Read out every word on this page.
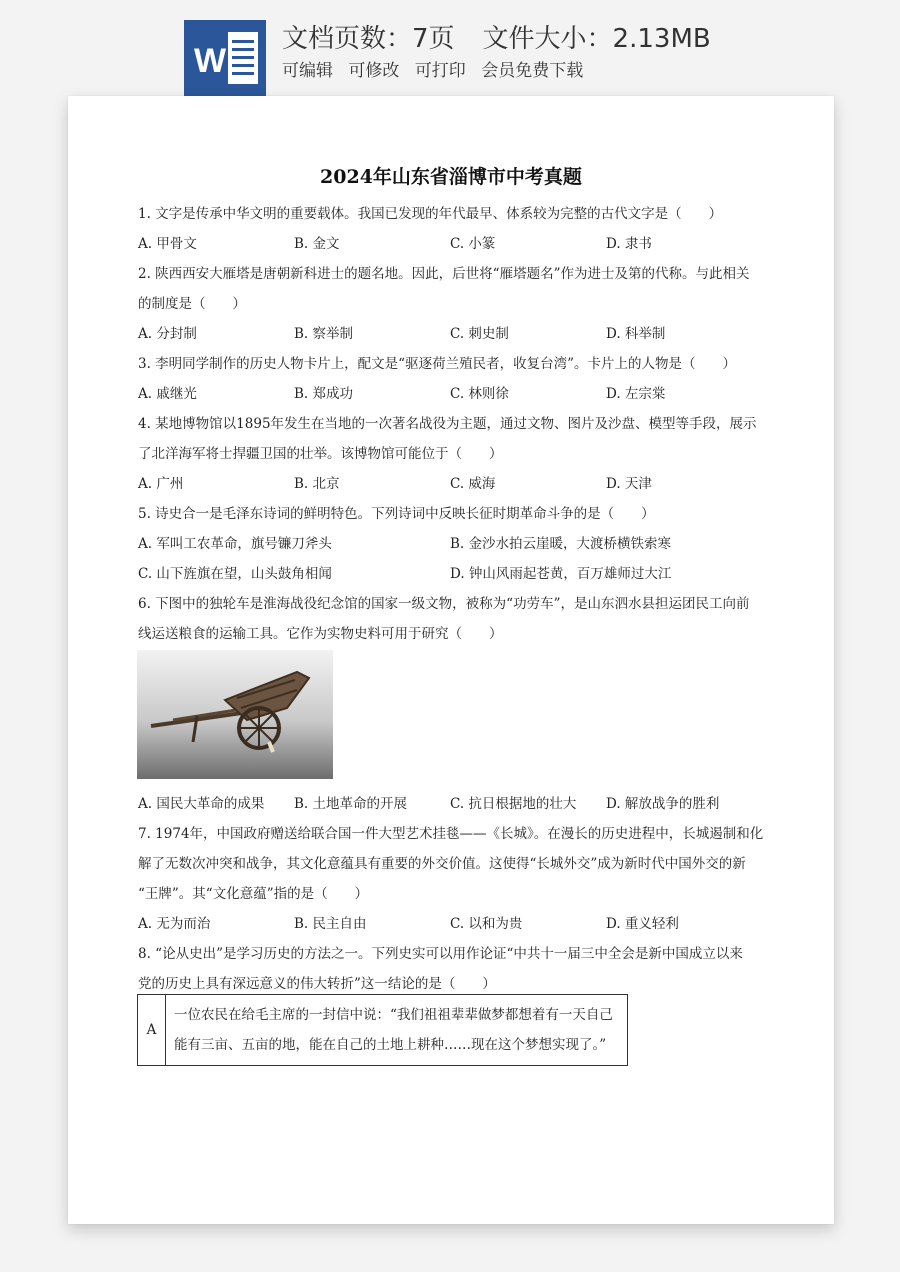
W
文档页数：7页 文件大小：2.13MB
可编辑 可修改 可打印 会员免费下载
2024年山东省淄博市中考真题
1. 文字是传承中华文明的重要载体。我国已发现的年代最早、体系较为完整的古代文字是（　　）
A. 甲骨文	B. 金文	C. 小篆	D. 隶书
2. 陕西西安大雁塔是唐朝新科进士的题名地。因此，后世将“雁塔题名”作为进士及第的代称。与此相关
的制度是（　　）
A. 分封制	B. 察举制	C. 刺史制	D. 科举制
3. 李明同学制作的历史人物卡片上，配文是“驱逐荷兰殖民者，收复台湾”。卡片上的人物是（　　）
A. 戚继光	B. 郑成功	C. 林则徐	D. 左宗棠
4. 某地博物馆以1895年发生在当地的一次著名战役为主题，通过文物、图片及沙盘、模型等手段，展示
了北洋海军将士捍疆卫国的壮举。该博物馆可能位于（　　）
A. 广州	B. 北京	C. 威海	D. 天津
5. 诗史合一是毛泽东诗词的鲜明特色。下列诗词中反映长征时期革命斗争的是（　　）
A. 军叫工农革命，旗号镰刀斧头	B. 金沙水拍云崖暖，大渡桥横铁索寒
C. 山下旌旗在望，山头鼓角相闻	D. 钟山风雨起苍黄，百万雄师过大江
6. 下图中的独轮车是淮海战役纪念馆的国家一级文物，被称为“功劳车”，是山东泗水县担运团民工向前
线运送粮食的运输工具。它作为实物史料可用于研究（　　）
A. 国民大革命的成果 B. 土地革命的开展	C. 抗日根据地的壮大 D. 解放战争的胜利
7. 1974年，中国政府赠送给联合国一件大型艺术挂毯——《长城》。在漫长的历史进程中，长城遏制和化
解了无数次冲突和战争，其文化意蕴具有重要的外交价值。这使得“长城外交”成为新时代中国外交的新
“王牌”。其“文化意蕴”指的是（　　）
A. 无为而治	B. 民主自由	C. 以和为贵	D. 重义轻利
8. “论从史出”是学习历史的方法之一。下列史实可以用作论证“中共十一届三中全会是新中国成立以来
党的历史上具有深远意义的伟大转折”这一结论的是（　　）
A	
一位农民在给毛主席的一封信中说：“我们祖祖辈辈做梦都想着有一天自己
能有三亩、五亩的地，能在自己的土地上耕种……现在这个梦想实现了。”
